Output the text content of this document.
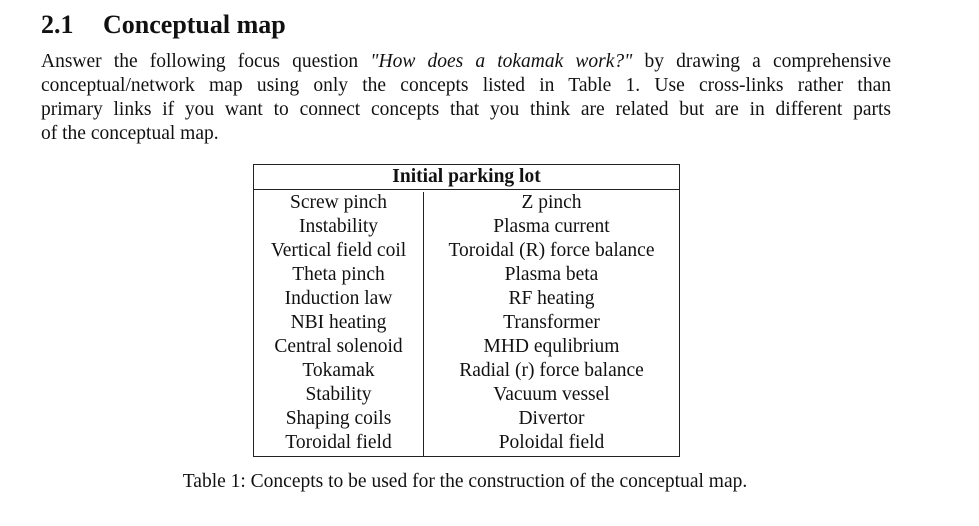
2.1 Conceptual map
Answer the following focus question "How does a tokamak work?" by drawing a comprehensive
conceptual/network map using only the concepts listed in Table 1. Use cross-links rather than
primary links if you want to connect concepts that you think are related but are in different parts
of the conceptual map.
Initial parking lot
Screw pinch
Instability
Vertical field coil
Theta pinch
Induction law
NBI heating
Central solenoid
Tokamak
Stability
Shaping coils
Toroidal field
Z pinch
Plasma current
Toroidal (R) force balance
Plasma beta
RF heating
Transformer
MHD equlibrium
Radial (r) force balance
Vacuum vessel
Divertor
Poloidal field
Table 1: Concepts to be used for the construction of the conceptual map.
